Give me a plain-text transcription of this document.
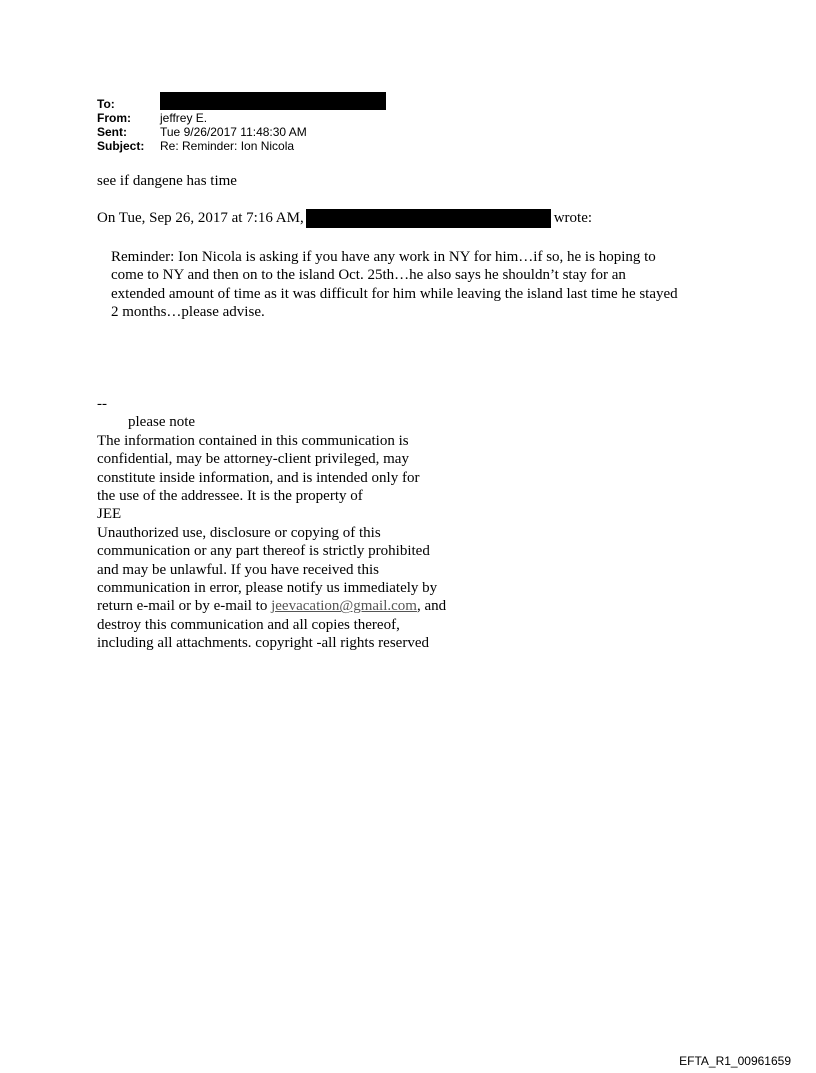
To:
From:	jeffrey E.
Sent:	Tue 9/26/2017 11:48:30 AM
Subject:	Re: Reminder: Ion Nicola
see if dangene has time
On Tue, Sep 26, 2017 at 7:16 AM,	wrote:
Reminder: Ion Nicola is asking if you have any work in NY for him…if so, he is hoping to
come to NY and then on to the island Oct. 25th…he also says he shouldn’t stay for an
extended amount of time as it was difficult for him while leaving the island last time he stayed
2 months…please advise.
--
please note
The information contained in this communication is
confidential, may be attorney-client privileged, may
constitute inside information, and is intended only for
the use of the addressee. It is the property of
JEE
Unauthorized use, disclosure or copying of this
communication or any part thereof is strictly prohibited
and may be unlawful. If you have received this
communication in error, please notify us immediately by
return e-mail or by e-mail to jeevacation@gmail.com, and
destroy this communication and all copies thereof,
including all attachments. copyright -all rights reserved
EFTA_R1_00961659
